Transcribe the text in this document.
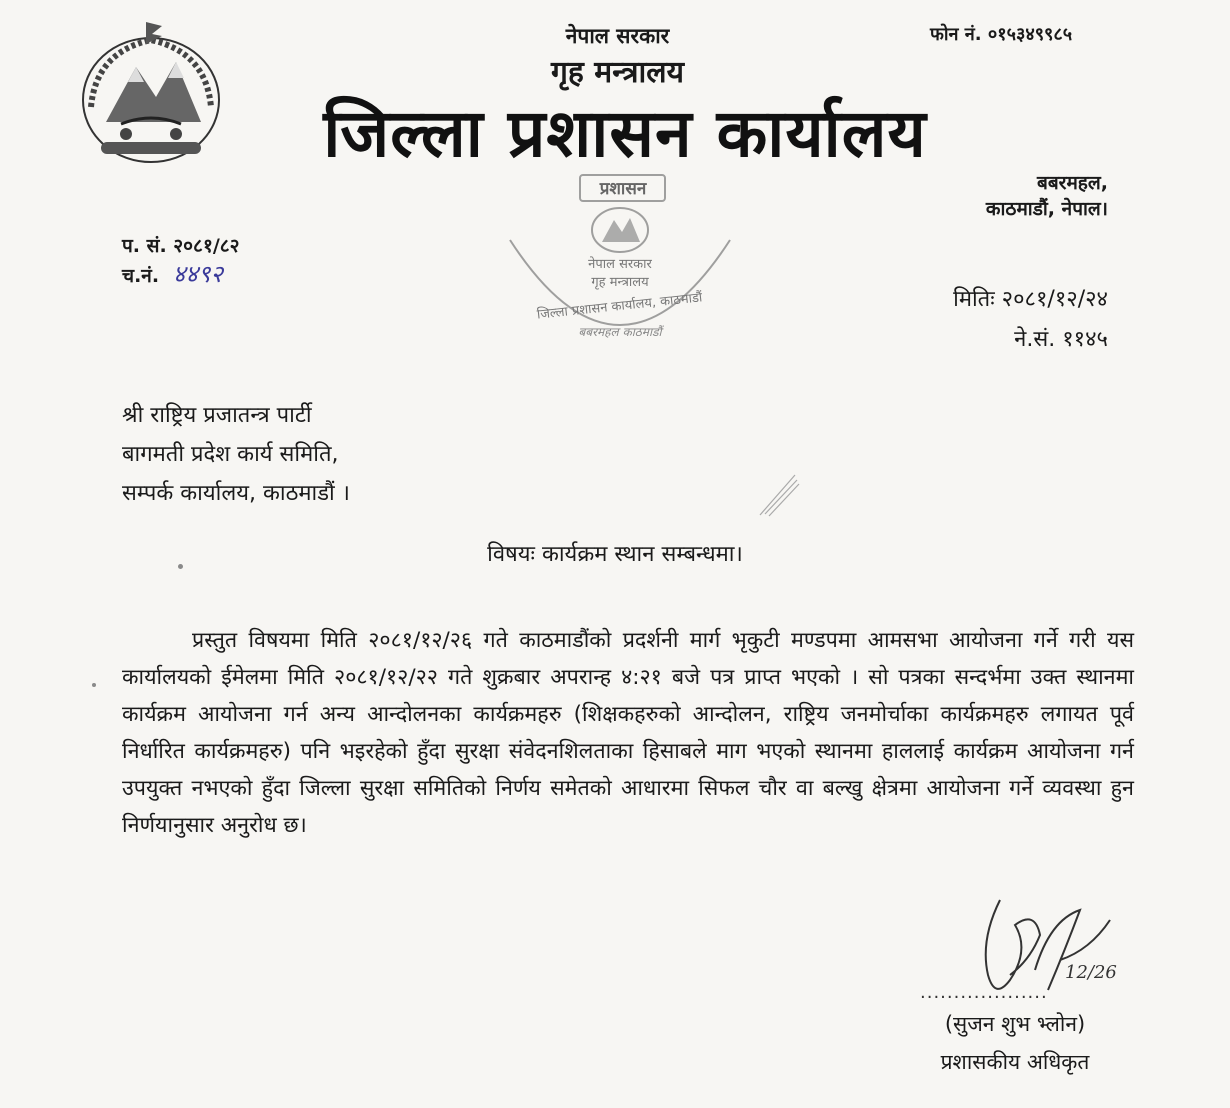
नेपाल सरकार
गृह मन्त्रालय
जिल्ला प्रशासन कार्यालय
फोन नं. ०१५३४९९८५
बबरमहल,
काठमाडौं, नेपाल।
प्रशासन
नेपाल सरकार
गृह मन्त्रालय
जिल्ला प्रशासन कार्यालय, काठमाडौं
बबरमहल काठमाडौं
प. सं. २०८१/८२
च.नं. ४४९२
मितिः २०८१/१२/२४
ने.सं. ११४५
श्री राष्ट्रिय प्रजातन्त्र पार्टी
बागमती प्रदेश कार्य समिति,
सम्पर्क कार्यालय, काठमाडौं ।
विषयः कार्यक्रम स्थान सम्बन्धमा।
प्रस्तुत विषयमा मिति २०८१/१२/२६ गते काठमाडौंको प्रदर्शनी मार्ग भृकुटी मण्डपमा आमसभा आयोजना गर्ने गरी यस कार्यालयको ईमेलमा मिति २०८१/१२/२२ गते शुक्रबार अपरान्ह ४:२१ बजे पत्र प्राप्त भएको । सो पत्रका सन्दर्भमा उक्त स्थानमा कार्यक्रम आयोजना गर्न अन्य आन्दोलनका कार्यक्रमहरु (शिक्षकहरुको आन्दोलन, राष्ट्रिय जनमोर्चाका कार्यक्रमहरु लगायत पूर्व निर्धारित कार्यक्रमहरु) पनि भइरहेको हुँदा सुरक्षा संवेदनशिलताका हिसाबले माग भएको स्थानमा हाललाई कार्यक्रम आयोजना गर्न उपयुक्त नभएको हुँदा जिल्ला सुरक्षा समितिको निर्णय समेतको आधारमा सिफल चौर वा बल्खु क्षेत्रमा आयोजना गर्ने व्यवस्था हुन निर्णयानुसार अनुरोध छ।
12/26
...................
(सुजन शुभ भ्लोन)
प्रशासकीय अधिकृत
